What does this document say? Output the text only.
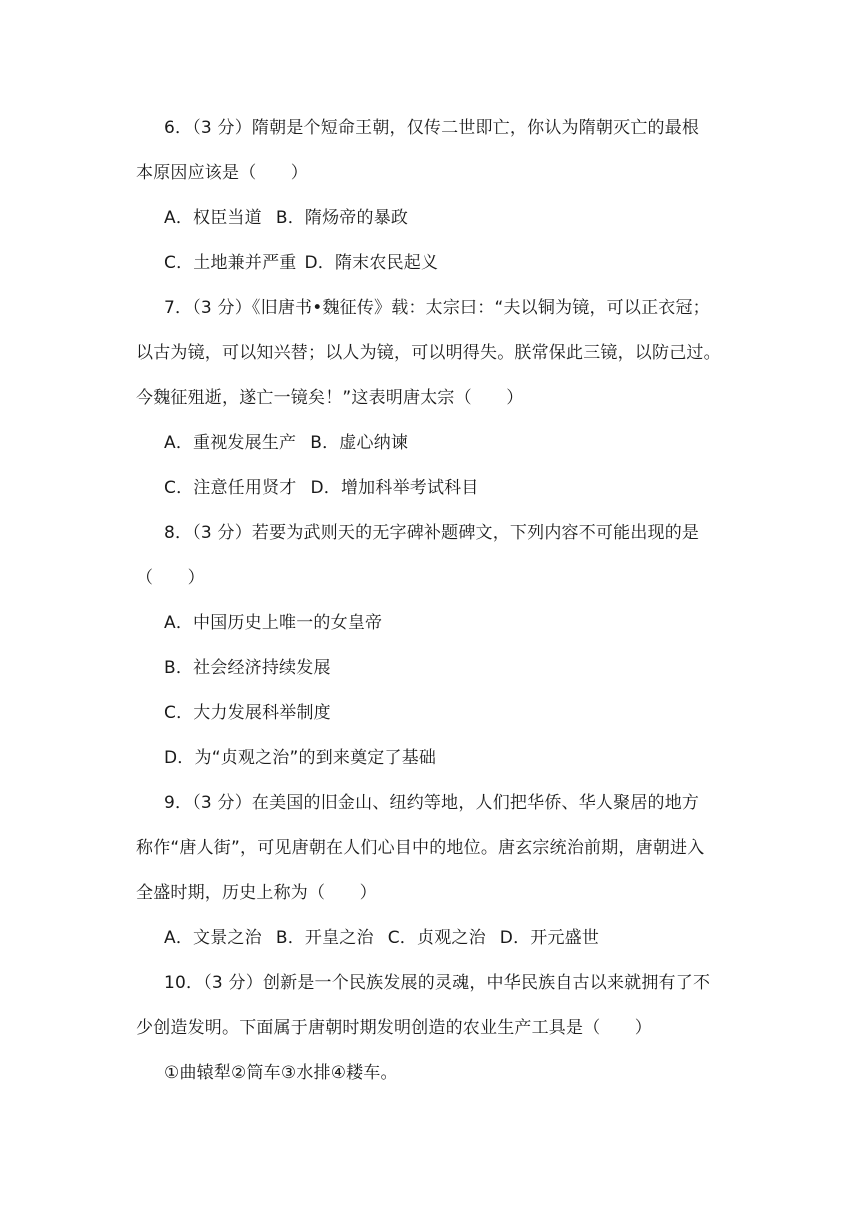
6．（3 分）隋朝是个短命王朝，仅传二世即亡，你认为隋朝灭亡的最根
本原因应该是（　　）
A．权臣当道 B．隋炀帝的暴政
C．土地兼并严重 D．隋末农民起义
7．（3 分）《旧唐书•魏征传》载：太宗曰：“夫以铜为镜，可以正衣冠；
以古为镜，可以知兴替；以人为镜，可以明得失。朕常保此三镜，以防己过。
今魏征殂逝，遂亡一镜矣！”这表明唐太宗（　　）
A．重视发展生产 B．虚心纳谏
C．注意任用贤才 D．增加科举考试科目
8．（3 分）若要为武则天的无字碑补题碑文，下列内容不可能出现的是
（　　）
A．中国历史上唯一的女皇帝
B．社会经济持续发展
C．大力发展科举制度
D．为“贞观之治”的到来奠定了基础
9．（3 分）在美国的旧金山、纽约等地，人们把华侨、华人聚居的地方
称作“唐人街”，可见唐朝在人们心目中的地位。唐玄宗统治前期，唐朝进入
全盛时期，历史上称为（　　）
A．文景之治 B．开皇之治 C．贞观之治 D．开元盛世
10．（3 分）创新是一个民族发展的灵魂，中华民族自古以来就拥有了不
少创造发明。下面属于唐朝时期发明创造的农业生产工具是（　　）
①曲辕犁②筒车③水排④耧车。
